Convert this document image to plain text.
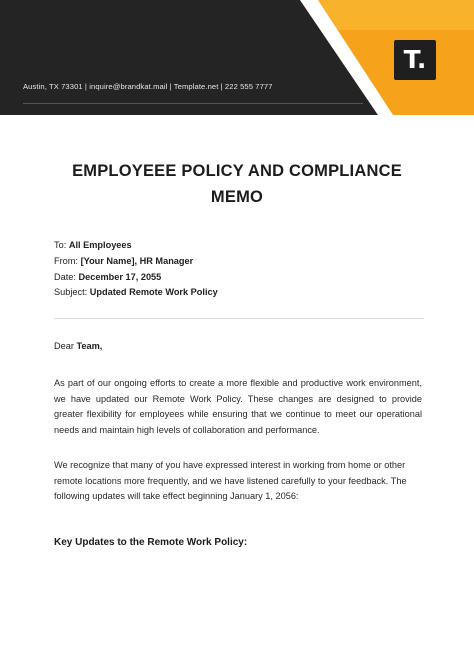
Austin, TX 73301 | inquire@brandkat.mail | Template.net | 222 555 7777
T.
EMPLOYEEE POLICY AND COMPLIANCE
MEMO
To: All Employees
From: [Your Name], HR Manager
Date: December 17, 2055
Subject: Updated Remote Work Policy
Dear Team,

As part of our ongoing efforts to create a more flexible and productive work environment, we have updated our Remote Work Policy. These changes are designed to provide greater flexibility for employees while ensuring that we continue to meet our operational needs and maintain high levels of collaboration and performance.

We recognize that many of you have expressed interest in working from home or other remote locations more frequently, and we have listened carefully to your feedback. The following updates will take effect beginning January 1, 2056:

Key Updates to the Remote Work Policy:
